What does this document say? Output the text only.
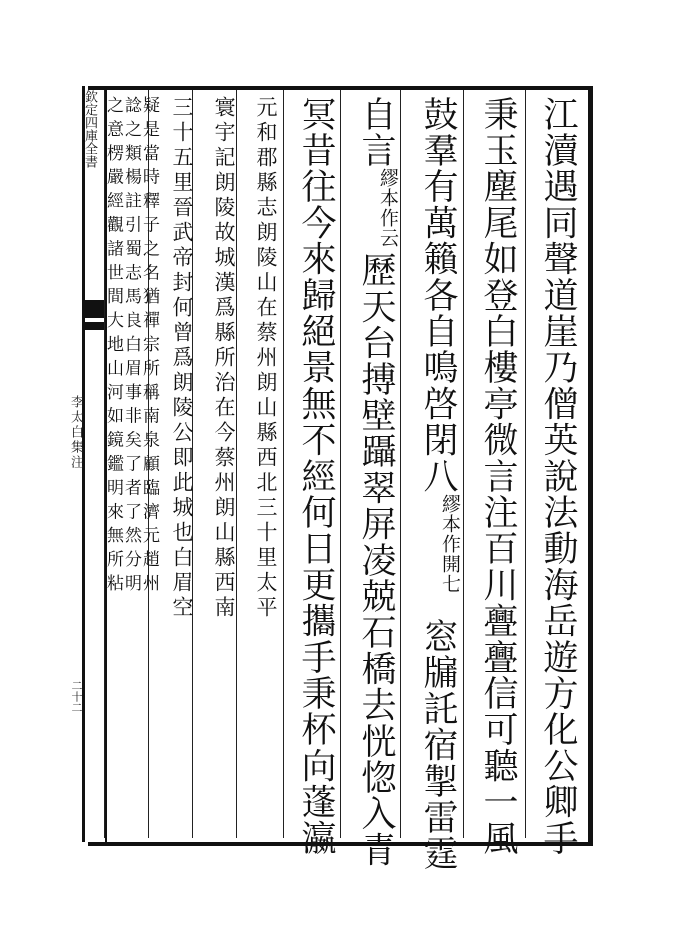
欽定四庫全書
李太白集注
二十二	江瀆遇同聲道崖乃僧英說法動海岳遊方化公卿手
秉玉塵尾如登白樓亭微言注百川亹亹信可聽一風
鼓羣有萬籟各自鳴啓閉八繆本作開七窓牖託宿掣雷霆
自言繆本作云歷天台搏壁躡翠屏凌兢石橋去恍惚入青
冥昔往今來歸絕景無不經何日更攜手秉杯向蓬瀛
元和郡縣志朗陵山在蔡州朗山縣西北三十里太平
寰宇記朗陵故城漢爲縣所治在今蔡州朗山縣西南
三十五里晉武帝封何曾爲朗陵公即此城也白眉空
疑是當時釋子之名猶禪宗所稱南泉顧臨濟元趙州
諗之類楊註引蜀志馬良白眉事非矣了者了然分明
之意楞嚴經觀諸世間大地山河如鏡鑑明來無所粘
